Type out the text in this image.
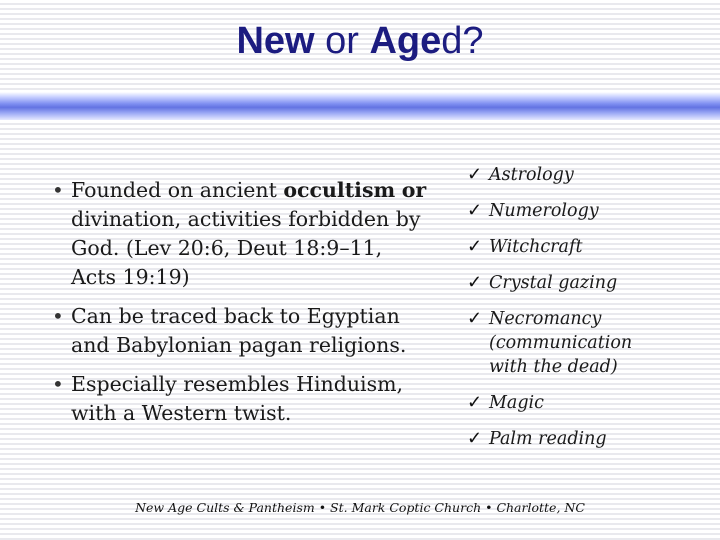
New or Aged?
• Founded on ancient occultism or divination, activities forbidden by God. (Lev 20:6, Deut 18:9–11, Acts 19:19)
• Can be traced back to Egyptian and Babylonian pagan religions.
• Especially resembles Hinduism, with a Western twist.
✓ Astrology
✓ Numerology
✓ Witchcraft
✓ Crystal gazing
✓ Necromancy (communication with the dead)
✓ Magic
✓ Palm reading
New Age Cults & Pantheism • St. Mark Coptic Church • Charlotte, NC
